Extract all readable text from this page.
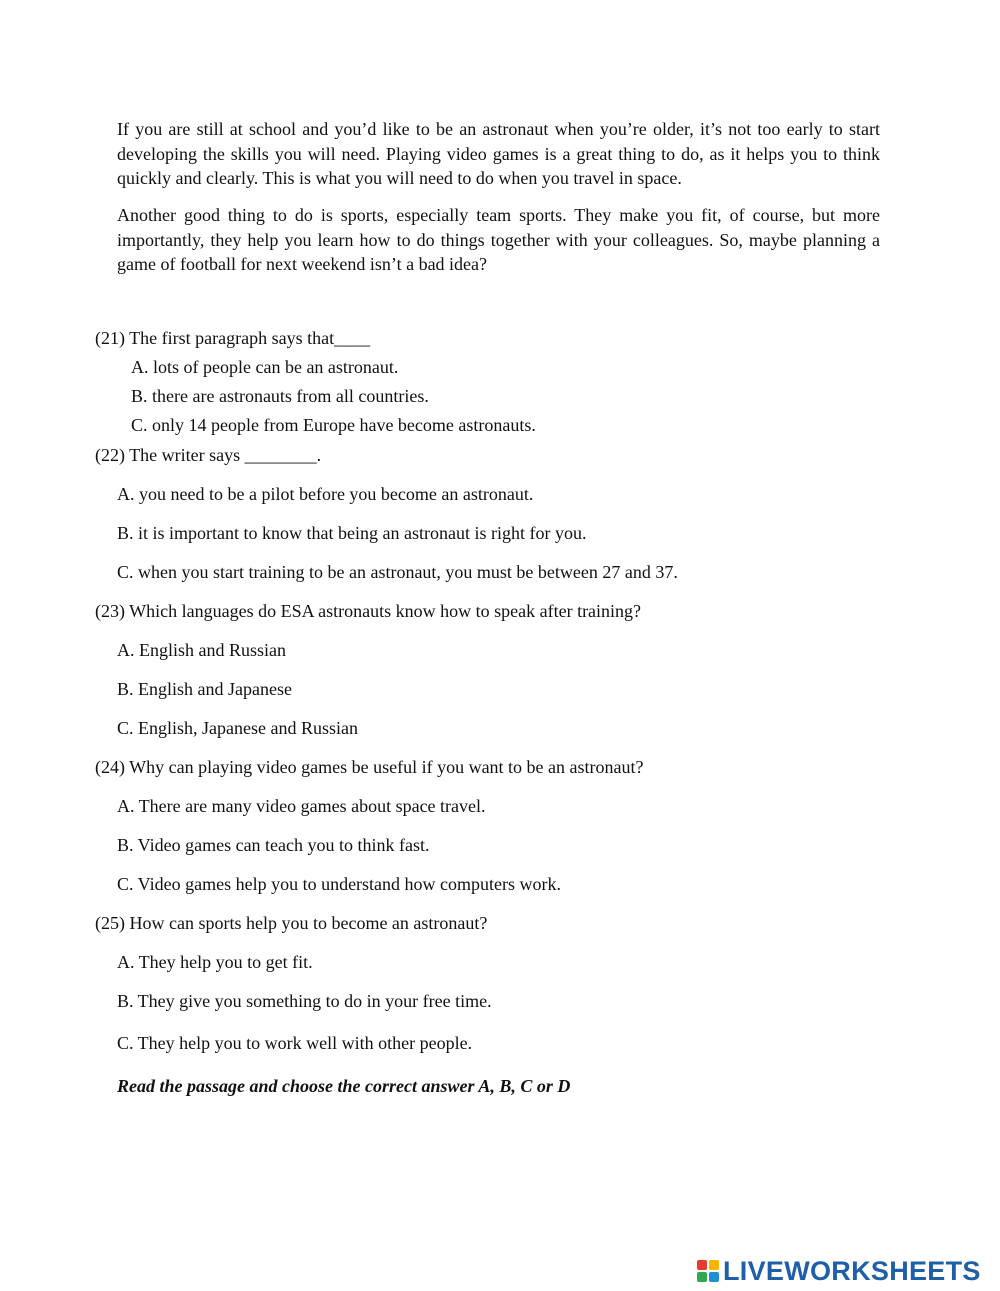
If you are still at school and you’d like to be an astronaut when you’re older, it’s not too early to start developing the skills you will need. Playing video games is a great thing to do, as it helps you to think quickly and clearly. This is what you will need to do when you travel in space.

Another good thing to do is sports, especially team sports. They make you fit, of course, but more importantly, they help you learn how to do things together with your colleagues. So, maybe planning a game of football for next weekend isn’t a bad idea?

(21) The first paragraph says that____
A. lots of people can be an astronaut.
B. there are astronauts from all countries.
C. only 14 people from Europe have become astronauts.
(22) The writer says ________.
A. you need to be a pilot before you become an astronaut.
B. it is important to know that being an astronaut is right for you.
C. when you start training to be an astronaut, you must be between 27 and 37.
(23) Which languages do ESA astronauts know how to speak after training?
A. English and Russian
B. English and Japanese
C. English, Japanese and Russian
(24) Why can playing video games be useful if you want to be an astronaut?
A. There are many video games about space travel.
B. Video games can teach you to think fast.
C. Video games help you to understand how computers work.
(25) How can sports help you to become an astronaut?
A. They help you to get fit.
B. They give you something to do in your free time.
C. They help you to work well with other people.
Read the passage and choose the correct answer A, B, C or D
LIVEWORKSHEETS
